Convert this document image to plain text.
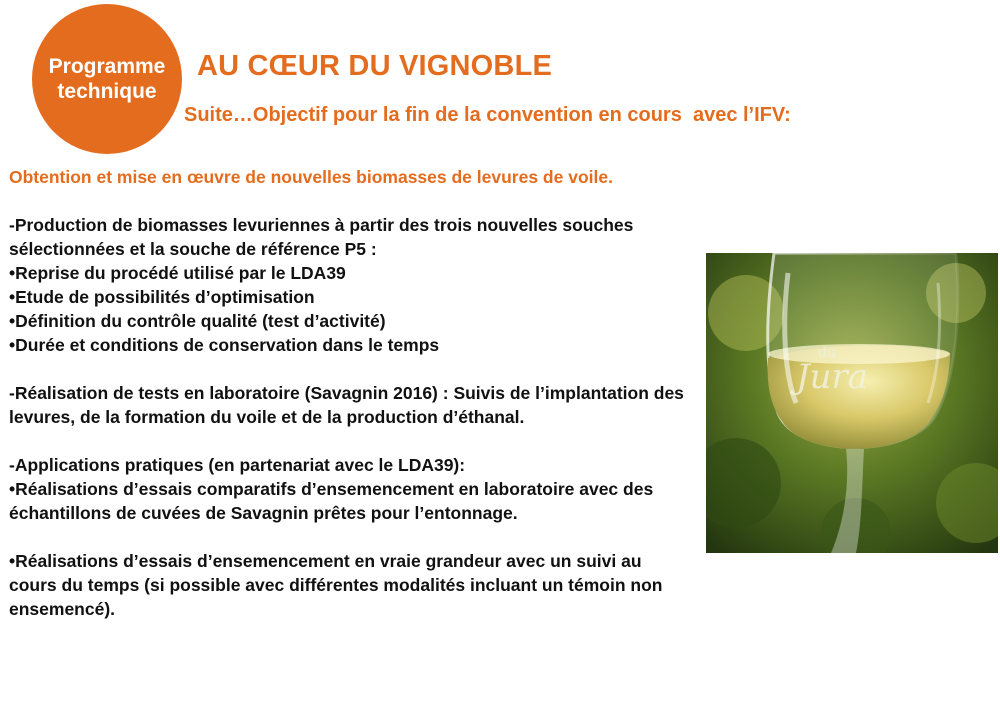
Programme
technique
AU CŒUR DU VIGNOBLE

Suite…Objectif pour la fin de la convention en cours  avec l’IFV:

Obtention et mise en œuvre de nouvelles biomasses de levures de voile.

-Production de biomasses levuriennes à partir des trois nouvelles souches sélectionnées et la souche de référence P5 :

•Reprise du procédé utilisé par le LDA39

•Etude de possibilités d’optimisation

•Définition du contrôle qualité (test d’activité)

•Durée et conditions de conservation dans le temps

-Réalisation de tests en laboratoire (Savagnin 2016) : Suivis de l’implantation des levures, de la formation du voile et de la production d’éthanal.

-Applications pratiques (en partenariat avec le LDA39):

•Réalisations d’essais comparatifs d’ensemencement en laboratoire avec des échantillons de cuvées de Savagnin prêtes pour l’entonnage.

•Réalisations d’essais d’ensemencement en vraie grandeur avec un suivi au cours du temps (si possible avec différentes modalités incluant un témoin non ensemencé).

du
Jura
